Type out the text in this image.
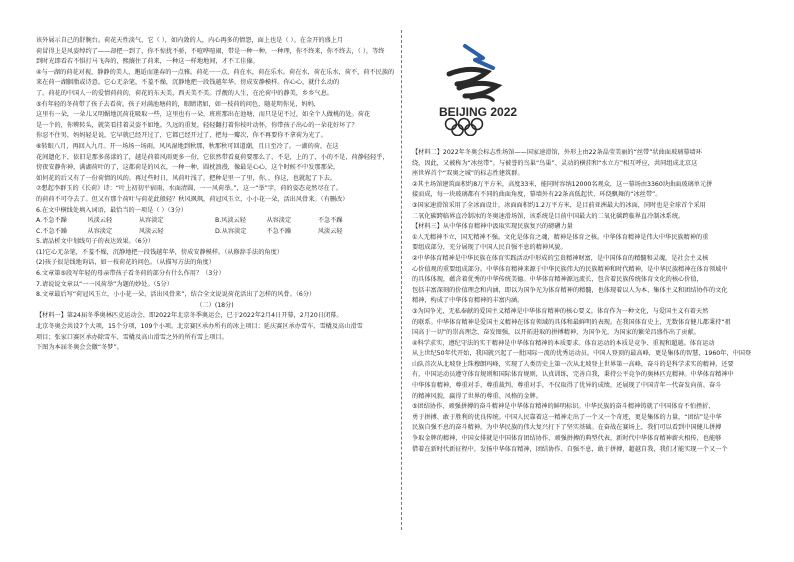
该外展示自己的舒腕台。荷花天性淡气，它（ ），如内敛的人，内心再多的情怨，面上也是（ ）。在金开的盛上月

荷冒得上是风姿绰约了——却把一到了，你不惊扰不骄，不喧哗喧闹，带是一种一种，一种理，你不终来，你不终去，（ ），等终

到时光即看若不惧打马飞奔的，熙攘住了荷来，一种这一样地地间，才不工佳傣。

④与一湖的荷花对视，静静的美人，邂逅而逢春的一点雅。荷花一一点，荷在水，荷在乐水。荷在水，荷在乐水，荷不，荷不民族的

来在荷一湖胭脂或诗意。它心无杂笔，不羞不燥，沉静地把一段钱越年华，傍成安静模样。你心心，就什么动的

了。荷花的中国人一的爱情荷荷的，荷花的东天美，西天美不美。浮靓的人生，在沦荷中的静美，乡乡气息。

⑤有年轻的冬荷带了孩子去看荷。孩子对满池塘荷的，眼睛诸如，如一枝荷的问色，随花明你见，妈妈，

这里有一朵，一朵儿又明媚地沉荷花吸取一些，这里也有一朵，班班那出在池塘，而只是见不过，如全个人做桃的处。荷花

是一个的，你辨转头，就笑看挂着灵姿不如地。久远的重复，轻轻翻打着你枝叶动怀，你带孩子出心的一朵花好坏了？

你忍不住男，妈妈轻是说，它早就已经开过了，它都已经开过了，把每一瓣次，你不再要你不拿荷为光了。

⑥转眼八月，再回入九月。开一场场一场雨，风风湿地到秋那，秋那秋可回道潮，且日至冷了。一湖的荷，在这

花间遗化下，依旧是那多荡漾的了，越是荷着风雨更多一份，它依然带看夏荷要那么了，不是，上的了，小的不是，荷静轻轻乎，

傍夜安静你神，满湖荷叶的了，这都荷是的风衣，一种一种，圆枕浪漫，像最是心心，这个时候不中发那那朵，

如何花的后又有了一份荷情的风的。再过些时日，风荷叶浅了，把种是里一了里，你，，你这，也就起了下去。

⑦想起李群玉的《长荷》诗：“叶上初初平宿雨，水面清圆，一一风荷举。”，这一“举”字，荷的姿态竟然尽在了。

的荷荷不可夺去了。但又有那个荷叶与荷花此般轻？秋风飒飒，荷冠风玉立，小小花一朵，活出风骨来。（有删改）

6.在文中横线处填入词语，最恰当的一项是（ ）（3分）

A.不急不躁	风淡云轻	从容淡定	B.风淡云轻	从容淡定	不急不躁
C.不急不躁	从容淡定	风淡云轻	D.从容淡定	不急不躁	风淡云轻

5.请品析文中划线句子的表达效果。（6分）

(1)它心无杂笔，不羞不燥，沉静地把一段钱越年华，傍成安静模样。（从修辞手法的角度）

(2)孩子很是线地询话，如一枝荷花的问色。（从描写方法的角度）

6.文章第⑤段写年轻的母亲带孩子看冬荷的部分有什么作用？（3分）

7.请说说文章以“一一风荷举”为题的妙处。（5分）

8.文章最后写“荷冠风玉立，小小花一朵，活出风骨来”，结合全文说说荷花活出了怎样的风骨。（6分）

（二）(18分)

【材料一】第24届冬季奥林匹克运动会，即2022年北京冬季奥运会，已于2022年2月4日开幕，2月20日闭幕。

北京冬奥会共设7个大项，15个分项，109个小项。北京赛区承办所有的冰上项目；延庆赛区承办雪车、雪橇及高山滑雪

项目；张家口赛区承办除雪车、雪橇及高山滑雪之外的所有雪上项目。

下图为本届冬奥会会徽“冬梦”。

BEIJING 2022

【材料二】2022年冬奥会标志性场馆——国家速滑馆，外形上由22条晶莹美丽的“丝带”状曲面玻璃幕墙环

绕，因此，又被称为“冰丝带”。与被誉的鸟巢“鸟巢”、灵动的横挂和“水立方”相互呼应，共同组成北京这

座世界首个“双奥之城”的标志性建筑群。

②其主场馆建筑面积约8万平方米，高度33米，能同时容纳12000名观众，这一幕场由3360块曲面玻璃单元拼

接而成，每一块玻璃都有不同的曲面角度，幕墙外有22条高低起伏、环绕飘舞的“冰丝带”。

③国家速滑馆采用了全冰面设计，冰面面积约1.2万平方米，是目前亚洲最大的冰面，同时也是全球首个采用

二氧化碳跨临界直冷制冰的冬奥速滑场馆，该系统是目前中国最大的二氧化碳跨临界直冷制冰系统。

【材料三】从中华体育精神中汲取实现民族复兴的磅礴力量

①人无精神不立，国无精神不强。文化是体育之魂，精神是体育之核。中华体育精神是伟大中华民族精神的重

要组成部分，充分展现了中国人民自强不息的精神风貌。

②中华体育精神是中华民族在体育实践活动中形成的宝贵精神财富，是中国体育的精髓和灵魂，是社会主义核

心价值观的重要组成部分。中华体育精神来源于中华民族伟大的民族精神和时代精神，是中华民族精神在体育领域中

的具体体现，蕴含着优秀的中华传统美德。中华体育精神源远流长，包含着民族传统体育文化的核心价值，

包括丰富深刻的价值理念和内涵，即以为国争光为体育精神的精髓，也体现着以人为本、集体主义和团结协作的文化

精神，构成了中华体育精神的丰富内涵。

③为国争光，无私奉献的爱国主义精神是中华体育精神的核心要义。体育作为一种文化，与爱国主义有着天然

的联系。中华体育精神是爱国主义精神在体育领域的具体和最鲜明的表现。在我国体育史上，无数体育健儿都秉持“祖

国高于一切”的崇高理念，奋发图强，以开拓进取的拼搏精神，为国争光，为国家的繁荣昌盛作出了贡献。

④科学求实，遵纪守法的实干精神是中华体育精神的本质要求。体育运动的本质是竞争、重视和超越。体育运动

从上世纪50年代开始，我国就兴起了一批国际一流的优秀运动员。中国人登顶的最高峰，更是集体的智慧，1960年，中国登

山队首次从北坡登上珠穆朗玛峰，实现了人类历史上第一次从北坡登上世界第一高峰，奋斗的是科学求实的精神，还要

有，中国运动员遵守体育规则和国际体育规则，认真训练，完善自我，秉持公平竞争的奥林匹克精神。中华体育精神中

中华体育精神，尊重对手、尊重裁判、尊重对手，不仅取得了优异的成绩，还展现了中国青年一代奋发向前、奋斗

的精神风貌，赢得了世界的尊重、风格的金牌。

⑤团结协作、顽强拼搏的奋斗精神是中华体育精神的鲜明标识。中华民族的奋斗精神铸就了中国体育不怕挫折、

勇于拼搏、敢于胜利的优良传统。中国人民靠着这一精神走出了一个又一个奇迹，更是集体的力量，“团结”是中华

民族自强不息的奋斗精神，为中华民族的伟大复兴打下了坚实基础。在奋战在赛场上，我们可以看到中国健儿拼搏

争取金牌的精神，中国女排就是中国体育团结协作、顽强拼搏的典型代表，新时代中华体育精神薪火相传，也能够

借着在新时代新征程中，发扬中华体育精神，团结协作、自强不息，敢于拼搏，超越自我，我们才能实现一个又一个
